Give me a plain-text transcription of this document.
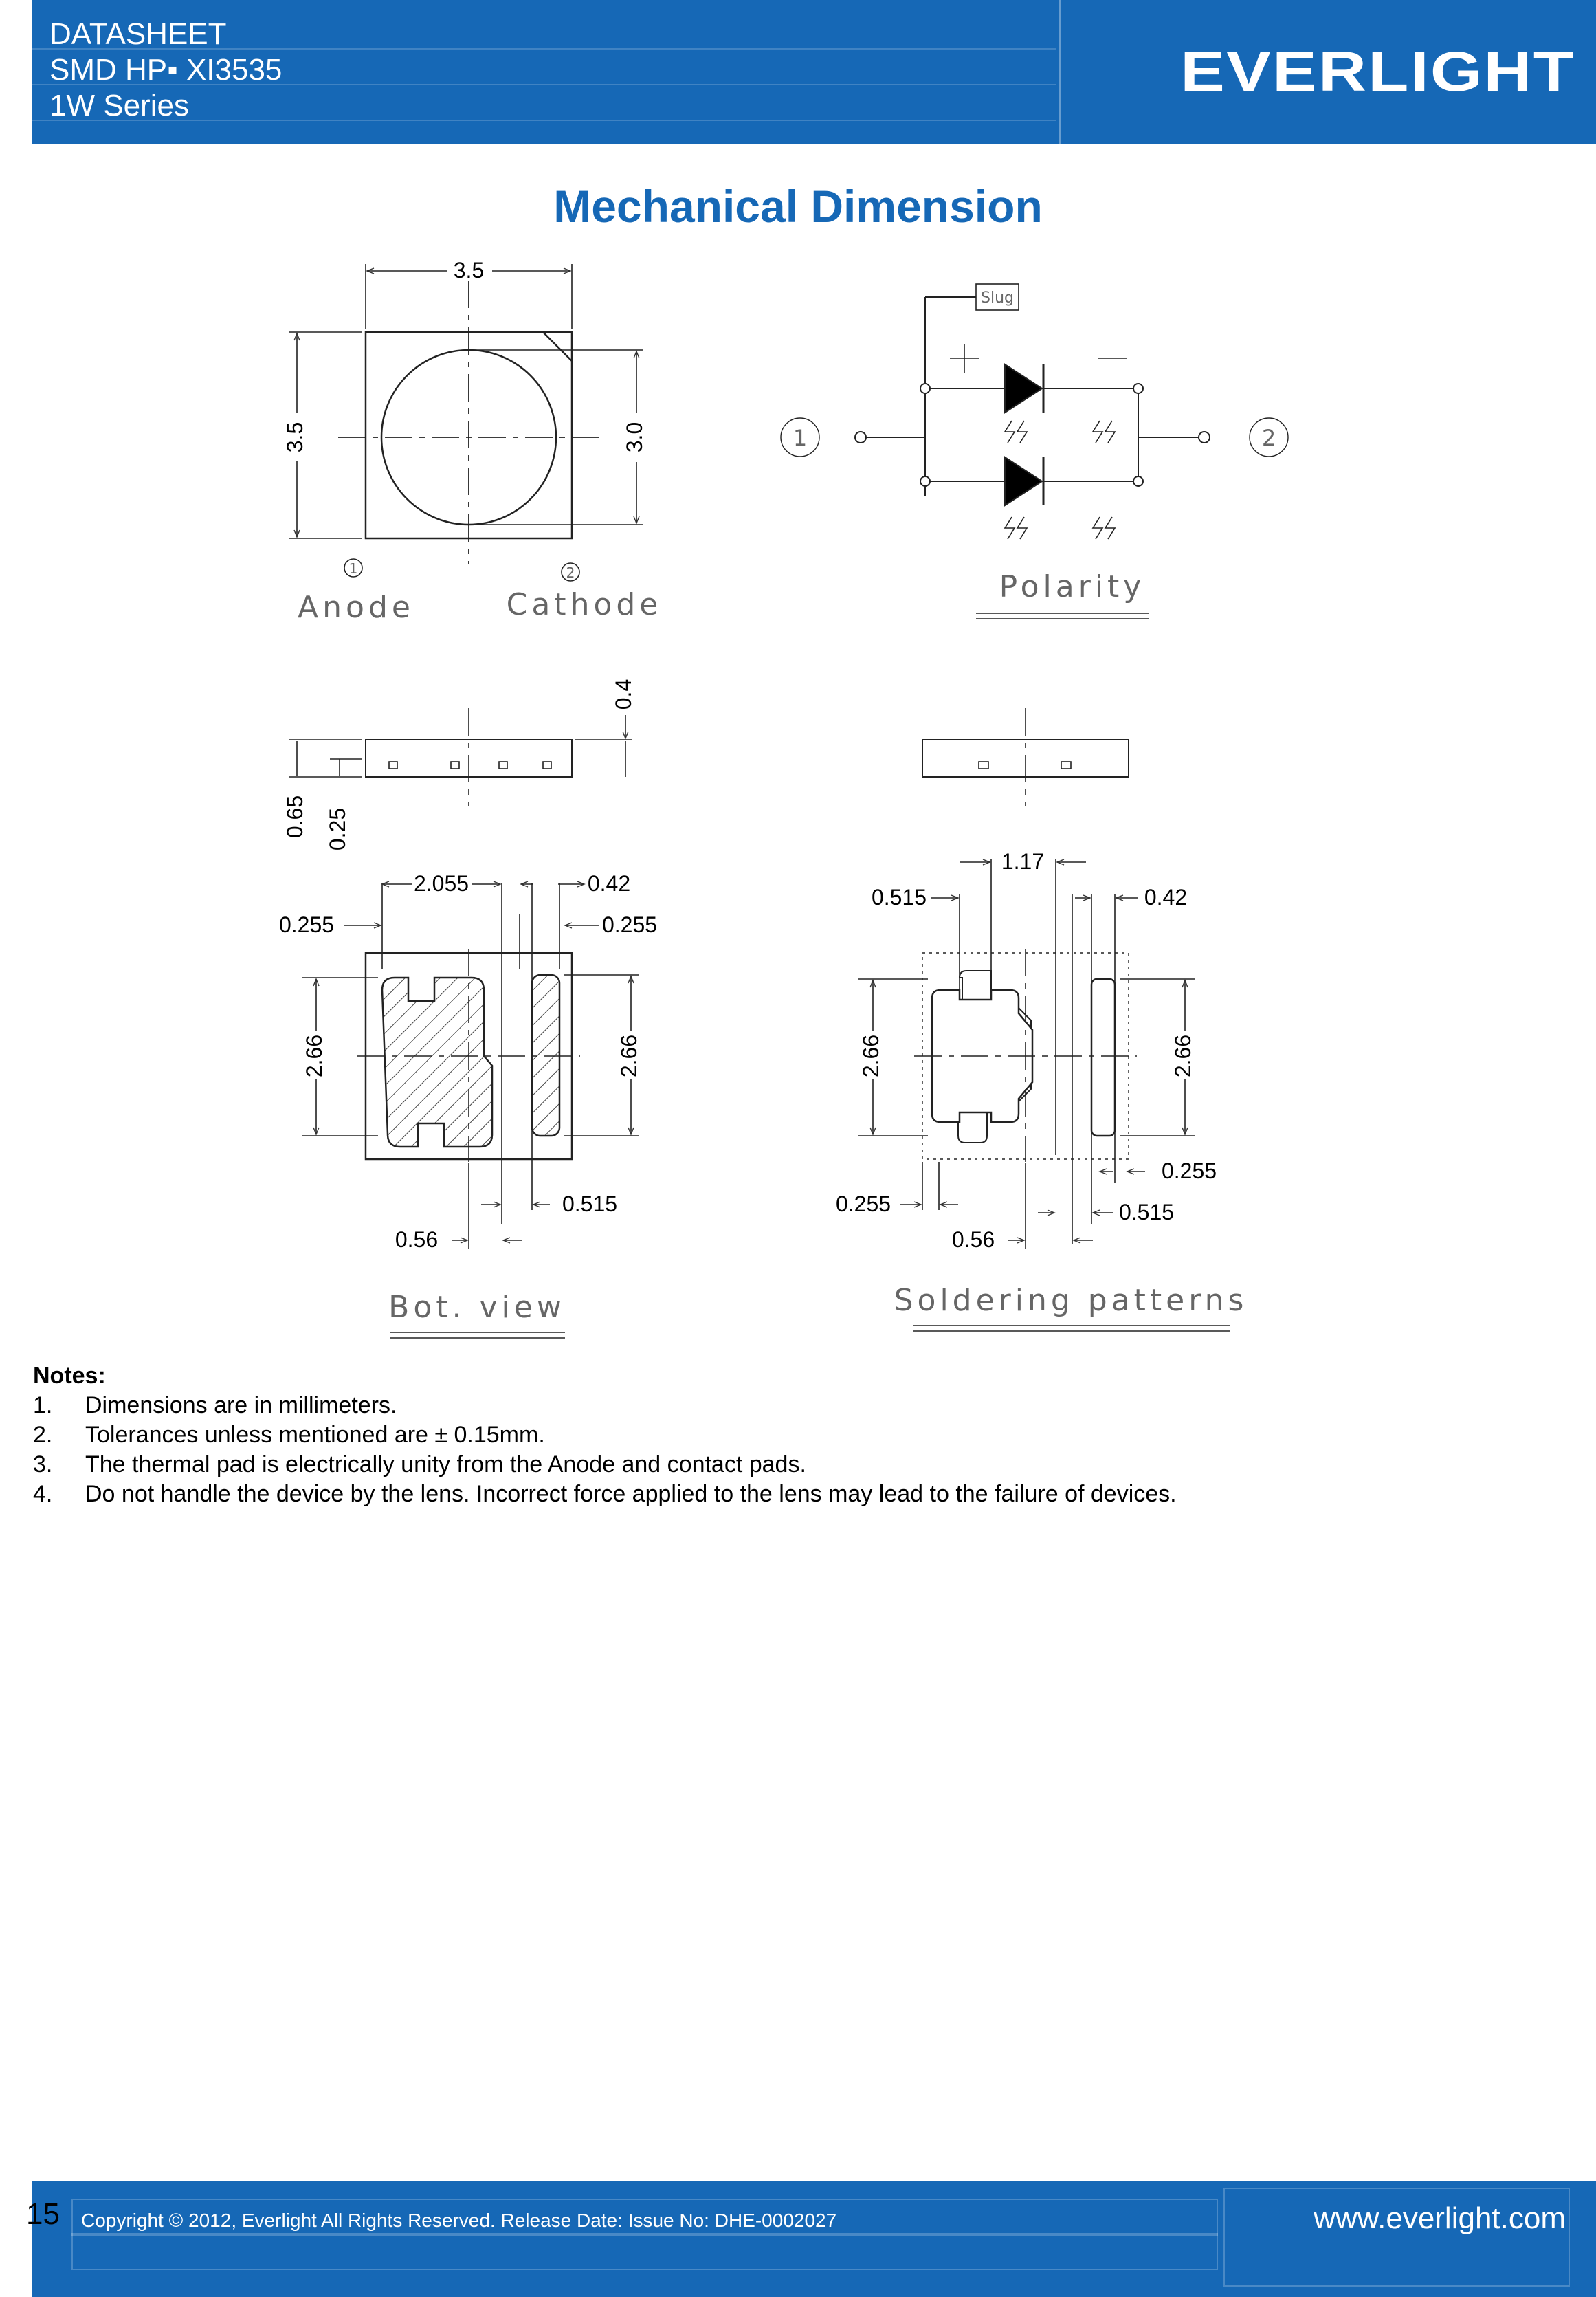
DATASHEET
SMD HP▪ XI3535
1W Series
EVERLIGHT
Mechanical Dimension
3.5
3.5	3.0
0.4
0.65 0.25
2.055	0.42
0.255	0.255
2.66	2.66
0.515
0.56
1.17
0.515	0.42
2.66	2.66
0.255
0.255	0.515
0.56
1	2
Anode	Cathode
Polarity
Slug
1	2
Bot. view	Soldering patterns
Notes:
1.	Dimensions are in millimeters.
2.	Tolerances unless mentioned are ± 0.15mm.
3.	The thermal pad is electrically unity from the Anode and contact pads.
4.	Do not handle the device by the lens. Incorrect force applied to the lens may lead to the failure of devices.
15 Copyright © 2012, Everlight All Rights Reserved. Release Date: Issue No: DHE-0002027	www.everlight.com
